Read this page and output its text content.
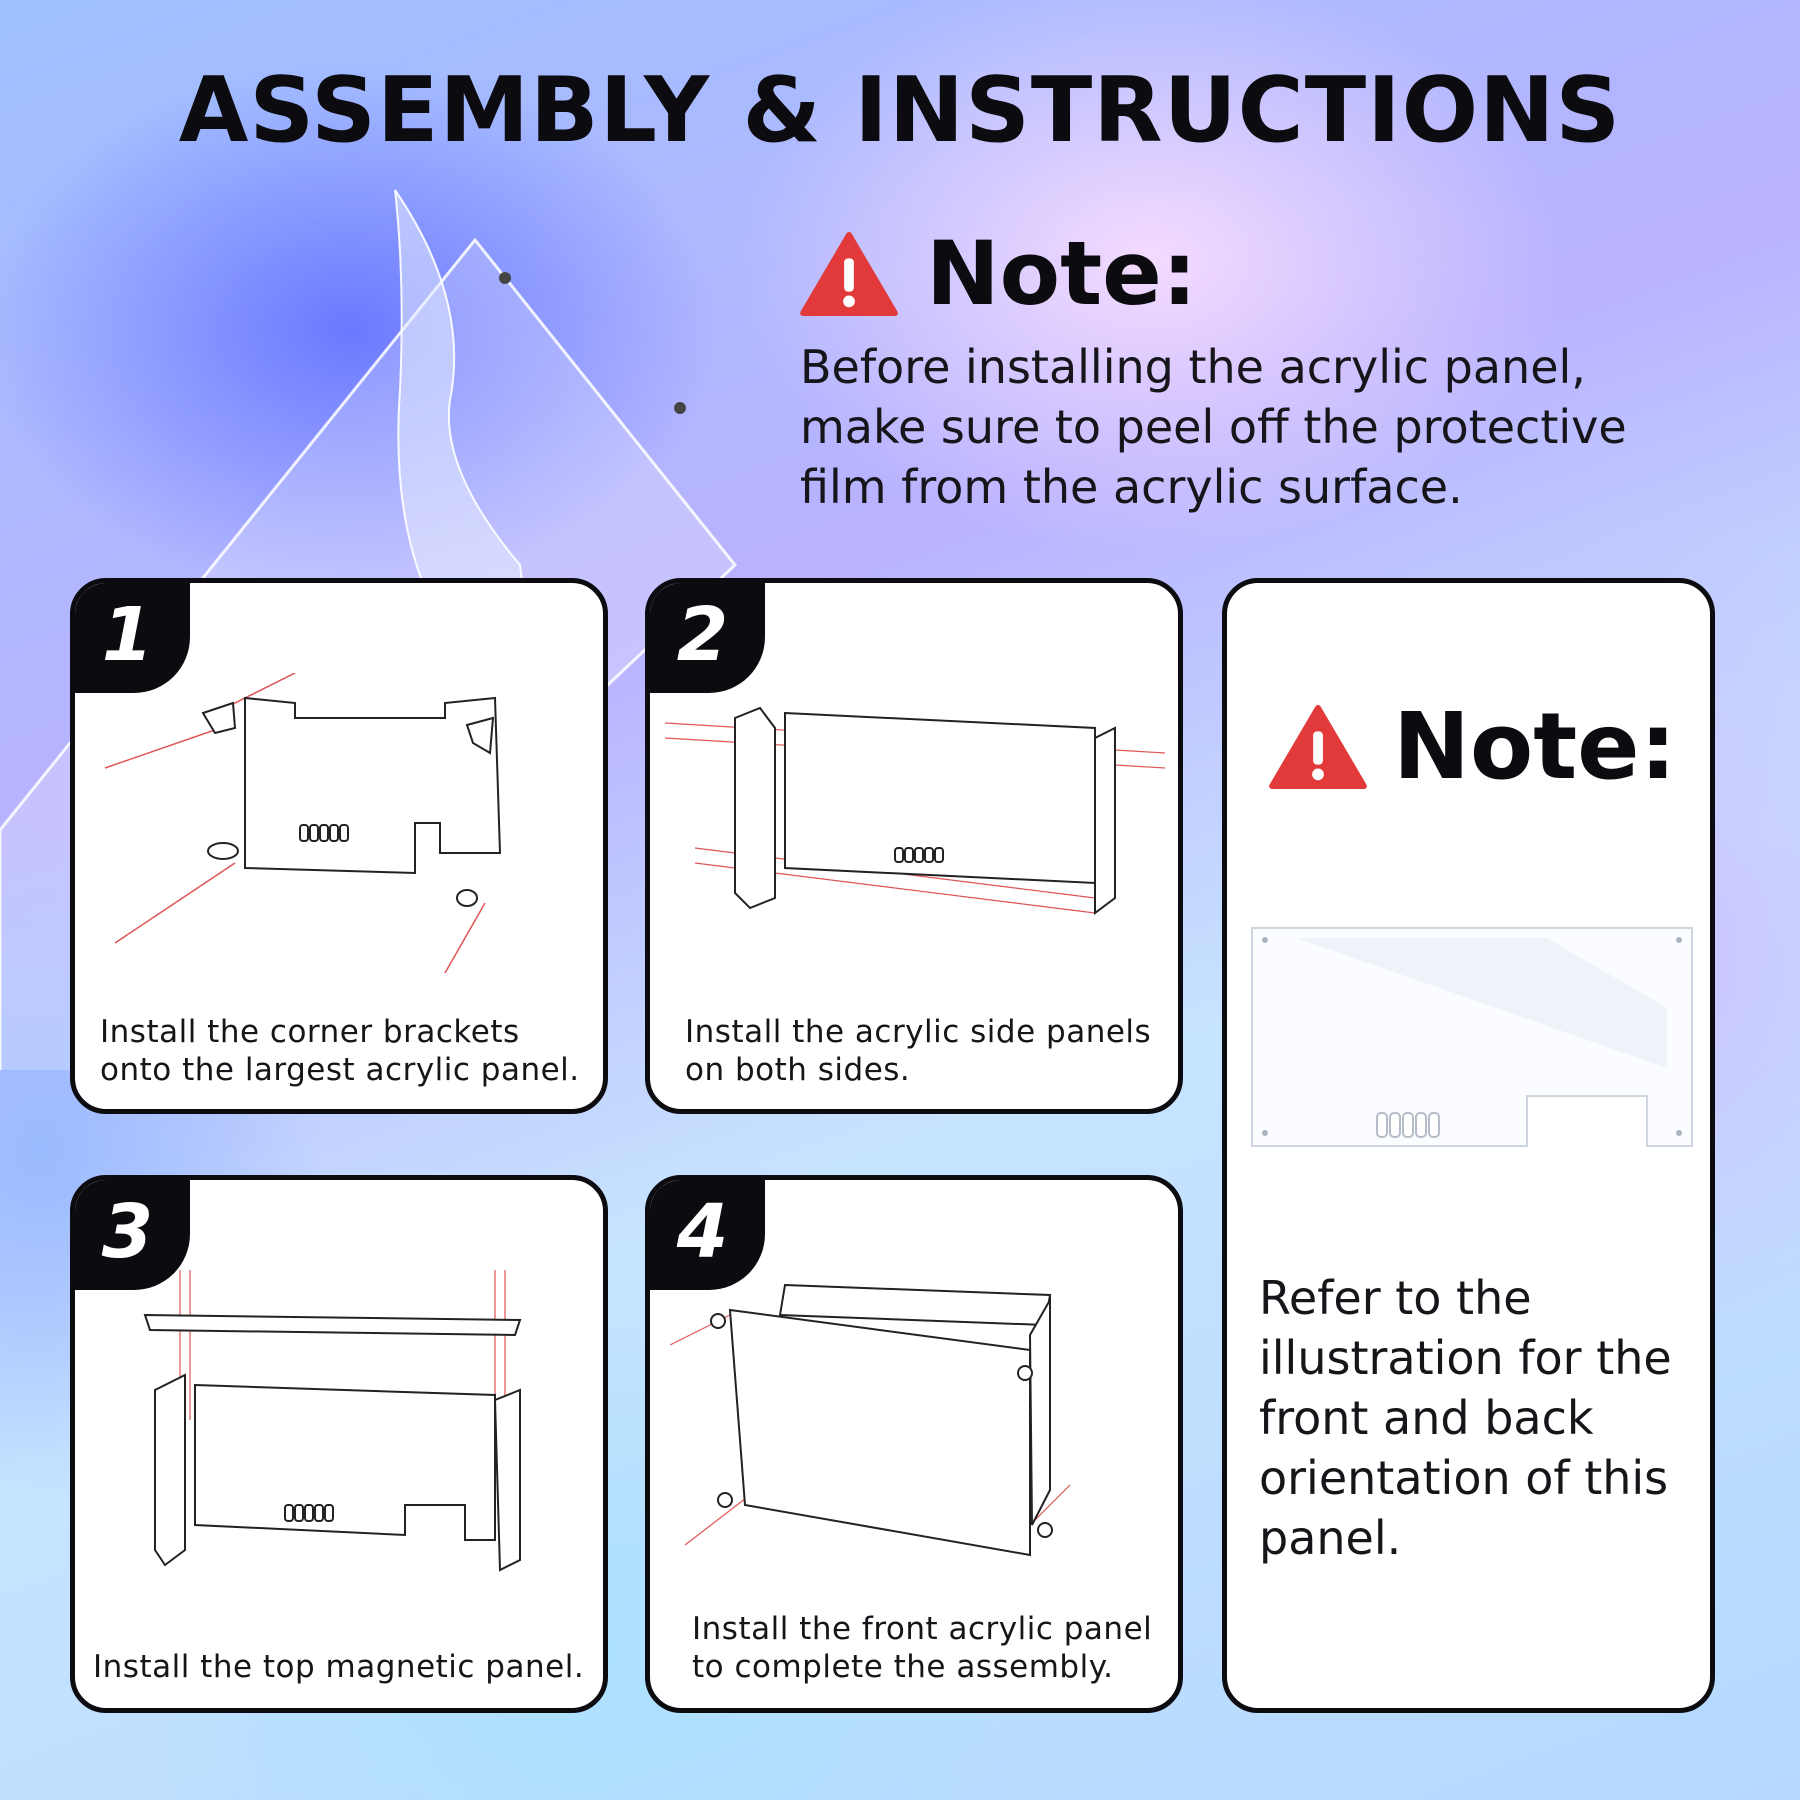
ASSEMBLY & INSTRUCTIONS
Note:
Before installing the acrylic panel, make sure to peel off the protective film from the acrylic surface.
1
Install the corner brackets
onto the largest acrylic panel.
2
Install the acrylic side panels
on both sides.
3
Install the top magnetic panel.
4
Install the front acrylic panel
to complete the assembly.
Note:
Refer to the illustration for the front and back orientation of this panel.
